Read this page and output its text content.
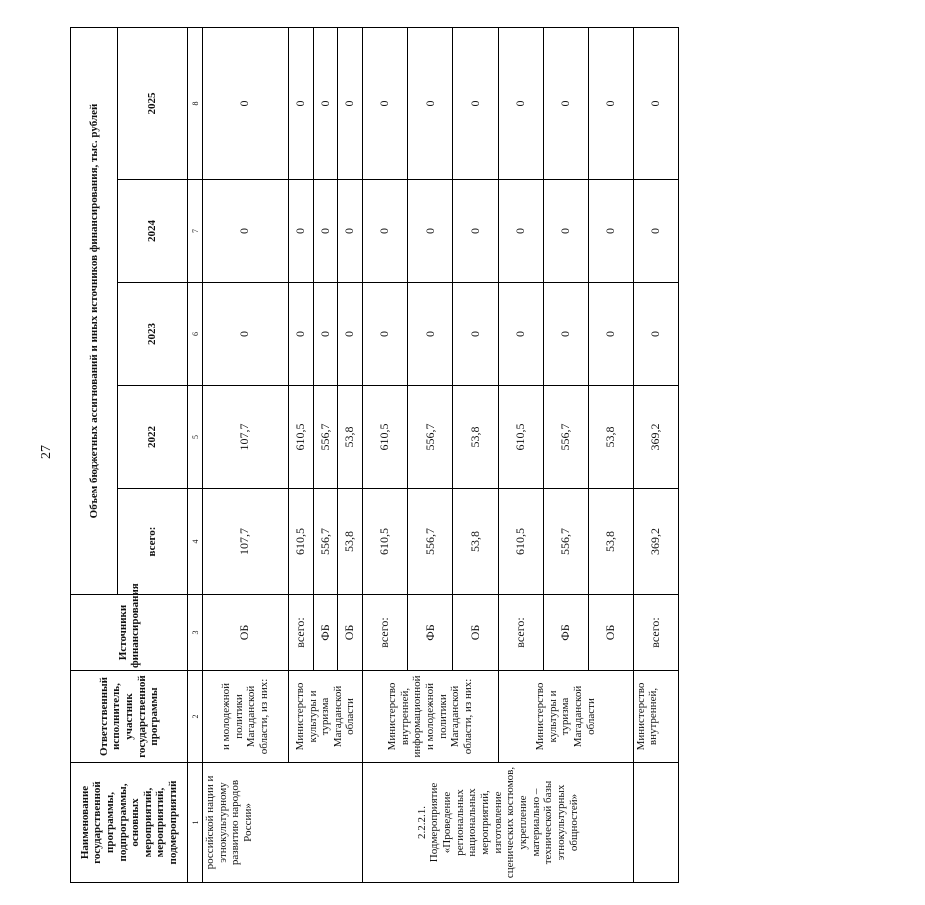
27
Наименование государственной программы, подпрограммы, основных мероприятий, мероприятий, подмероприятий	Ответственный исполнитель, участник государственной программы	Источники финансирования	Объем бюджетных ассигнований и иных источников финансирования, тыс. рублей				
			всего:	2022	2023	2024	2025
1	2	3	4	5	6	7	8
российской нации и этнокультурному развитию народов России»	и молодежной политики Магаданской области, из них:	ОБ	107,7	107,7	0	0	0
	Министерство культуры и туризма Магаданской области	всего:	610,5	610,5	0	0	0
		ФБ	556,7	556,7	0	0	0
		ОБ	53,8	53,8	0	0	0
2.2.2.1. Подмероприятие «Проведение региональных национальных мероприятий, изготовление сценических костюмов, укрепление материально – технической базы этнокультурных общностей»	Министерство внутренней, информационной и молодежной политики Магаданской области, из них:	всего:	610,5	610,5	0	0	0
		ФБ	556,7	556,7	0	0	0
		ОБ	53,8	53,8	0	0	0
	Министерство культуры и туризма Магаданской области	всего:	610,5	610,5	0	0	0
		ФБ	556,7	556,7	0	0	0
		ОБ	53,8	53,8	0	0	0
	Министерство внутренней,	всего:	369,2	369,2	0	0	0
